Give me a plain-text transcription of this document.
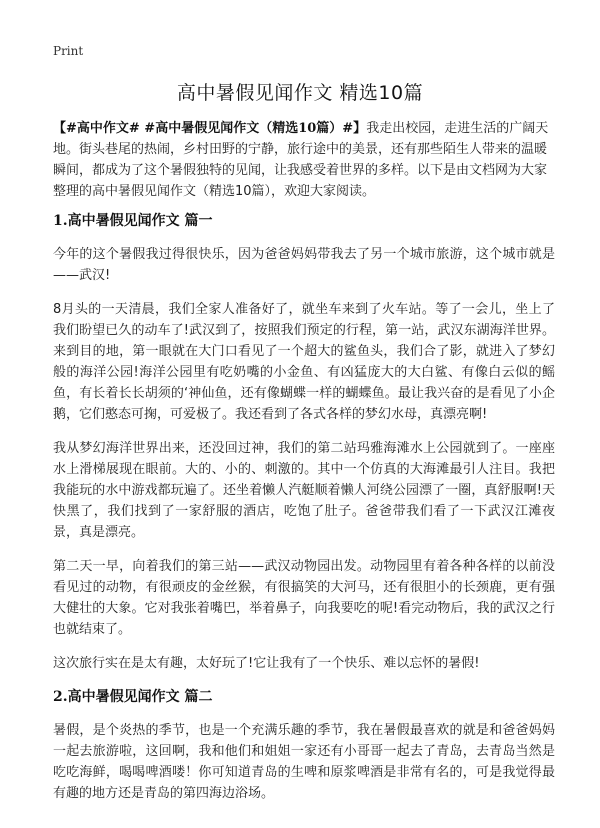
Print
高中暑假见闻作文 精选10篇

【#高中作文# #高中暑假见闻作文（精选10篇）#】我走出校园，走进生活的广阔天地。街头巷尾的热闹，乡村田野的宁静，旅行途中的美景，还有那些陌生人带来的温暖瞬间，都成为了这个暑假独特的见闻，让我感受着世界的多样。以下是由文档网为大家整理的高中暑假见闻作文（精选10篇），欢迎大家阅读。

1.高中暑假见闻作文 篇一

今年的这个暑假我过得很快乐，因为爸爸妈妈带我去了另一个城市旅游，这个城市就是——武汉!

8月头的一天清晨，我们全家人准备好了，就坐车来到了火车站。等了一会儿，坐上了我们盼望已久的动车了!武汉到了，按照我们预定的行程，第一站，武汉东湖海洋世界。来到目的地，第一眼就在大门口看见了一个超大的鲨鱼头，我们合了影，就进入了梦幻般的海洋公园!海洋公园里有吃奶嘴的小金鱼、有凶猛庞大的大白鲨、有像白云似的鳐鱼，有长着长长胡须的‘神仙鱼，还有像蝴蝶一样的蝴蝶鱼。最让我兴奋的是看见了小企鹅，它们憨态可掬，可爱极了。我还看到了各式各样的梦幻水母，真漂亮啊!

我从梦幻海洋世界出来，还没回过神，我们的第二站玛雅海滩水上公园就到了。一座座水上滑梯展现在眼前。大的、小的、刺激的。其中一个仿真的大海滩最引人注目。我把我能玩的水中游戏都玩遍了。还坐着懒人汽艇顺着懒人河绕公园漂了一圈，真舒服啊!天快黑了，我们找到了一家舒服的酒店，吃饱了肚子。爸爸带我们看了一下武汉江滩夜景，真是漂亮。

第二天一早，向着我们的第三站——武汉动物园出发。动物园里有着各种各样的以前没看见过的动物，有很顽皮的金丝猴，有很搞笑的大河马，还有很胆小的长颈鹿，更有强大健壮的大象。它对我张着嘴巴，举着鼻子，向我要吃的呢!看完动物后，我的武汉之行也就结束了。

这次旅行实在是太有趣，太好玩了!它让我有了一个快乐、难以忘怀的暑假!

2.高中暑假见闻作文 篇二

暑假，是个炎热的季节，也是一个充满乐趣的季节，我在暑假最喜欢的就是和爸爸妈妈一起去旅游啦，这回啊，我和他们和姐姐一家还有小哥哥一起去了青岛，去青岛当然是吃吃海鲜，喝喝啤酒喽！你可知道青岛的生啤和原浆啤酒是非常有名的，可是我觉得最有趣的地方还是青岛的第四海边浴场。
